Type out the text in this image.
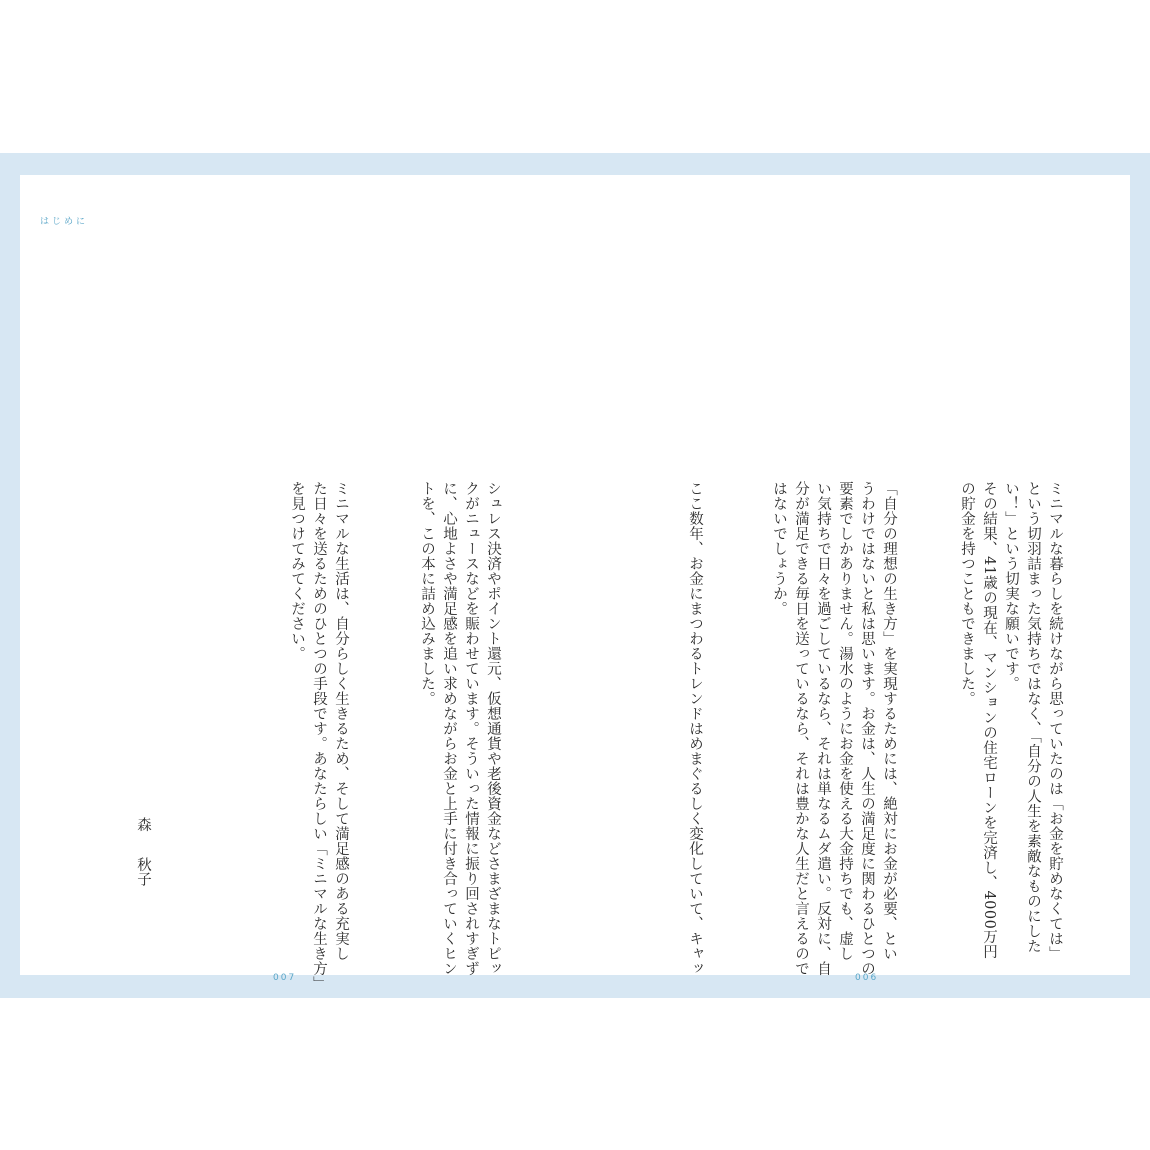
はじめに
ミニマルな暮らしを続けながら思っていたのは「お金を貯めなくては」
という切羽詰まった気持ちではなく、「自分の人生を素敵なものにした
い！」という切実な願いです。
その結果、41歳の現在、マンションの住宅ローンを完済し、4000万円
の貯金を持つこともできました。
「自分の理想の生き方」を実現するためには、絶対にお金が必要、とい
うわけではないと私は思います。お金は、人生の満足度に関わるひとつの
要素でしかありません。湯水のようにお金を使える大金持ちでも、虚し
い気持ちで日々を過ごしているなら、それは単なるムダ遣い。反対に、自
分が満足できる毎日を送っているなら、それは豊かな人生だと言えるので
はないでしょうか。
ここ数年、お金にまつわるトレンドはめまぐるしく変化していて、キャッ
シュレス決済やポイント還元、仮想通貨や老後資金などさまざまなトピッ
クがニュースなどを賑わせています。そういった情報に振り回されすぎず
に、心地よさや満足感を追い求めながらお金と上手に付き合っていくヒン
トを、この本に詰め込みました。
ミニマルな生活は、自分らしく生きるため、そして満足感のある充実し
た日々を送るためのひとつの手段です。あなたらしい「ミニマルな生き方」
を見つけてみてください。
森
秋子
007	006
